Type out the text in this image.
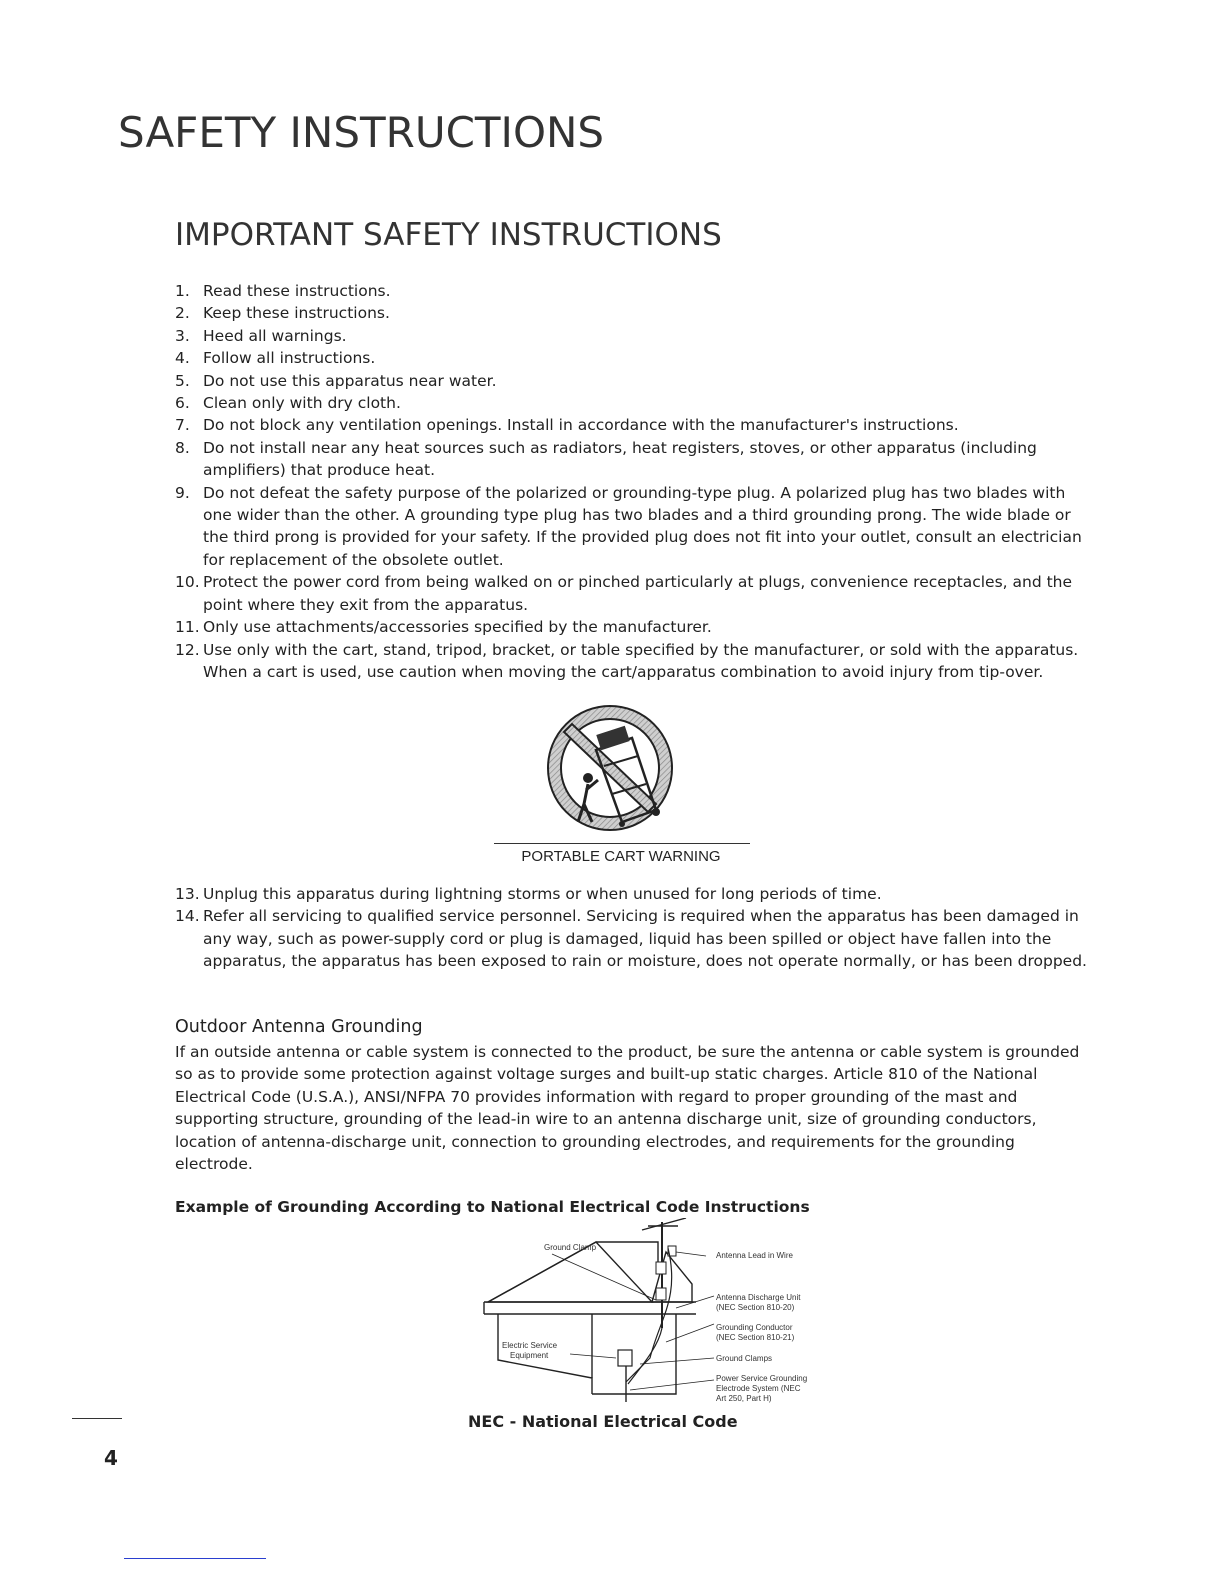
SAFETY INSTRUCTIONS
IMPORTANT SAFETY INSTRUCTIONS
1. Read these instructions.
2. Keep these instructions.
3. Heed all warnings.
4. Follow all instructions.
5. Do not use this apparatus near water.
6. Clean only with dry cloth.
7. Do not block any ventilation openings. Install in accordance with the manufacturer's instructions.
8. Do not install near any heat sources such as radiators, heat registers, stoves, or other apparatus (including amplifiers) that produce heat.
9. Do not defeat the safety purpose of the polarized or grounding-type plug. A polarized plug has two blades with one wider than the other. A grounding type plug has two blades and a third grounding prong. The wide blade or the third prong is provided for your safety. If the provided plug does not fit into your outlet, consult an electrician for replacement of the obsolete outlet.
10. Protect the power cord from being walked on or pinched particularly at plugs, convenience receptacles, and the point where they exit from the apparatus.
11. Only use attachments/accessories specified by the manufacturer.
12. Use only with the cart, stand, tripod, bracket, or table specified by the manufacturer, or sold with the apparatus. When a cart is used, use caution when moving the cart/apparatus combination to avoid injury from tip-over.
PORTABLE CART WARNING
13. Unplug this apparatus during lightning storms or when unused for long periods of time.
14. Refer all servicing to qualified service personnel. Servicing is required when the apparatus has been damaged in any way, such as power-supply cord or plug is damaged, liquid has been spilled or object have fallen into the apparatus, the apparatus has been exposed to rain or moisture, does not operate normally, or has been dropped.
Outdoor Antenna Grounding

If an outside antenna or cable system is connected to the product, be sure the antenna or cable system is grounded so as to provide some protection against voltage surges and built-up static charges. Article 810 of the National Electrical Code (U.S.A.), ANSI/NFPA 70 provides information with regard to proper grounding of the mast and supporting structure, grounding of the lead-in wire to an antenna discharge unit, size of grounding conductors, location of antenna-discharge unit, connection to grounding electrodes, and requirements for the grounding electrode.

Example of Grounding According to National Electrical Code Instructions
Ground Clamp
Antenna Lead in Wire
Antenna Discharge Unit
(NEC Section 810-20)
Grounding Conductor
(NEC Section 810-21)
Ground Clamps
Power Service Grounding
Electrode System (NEC
Art 250, Part H)
Electric Service
Equipment

NEC - National Electrical Code

4
